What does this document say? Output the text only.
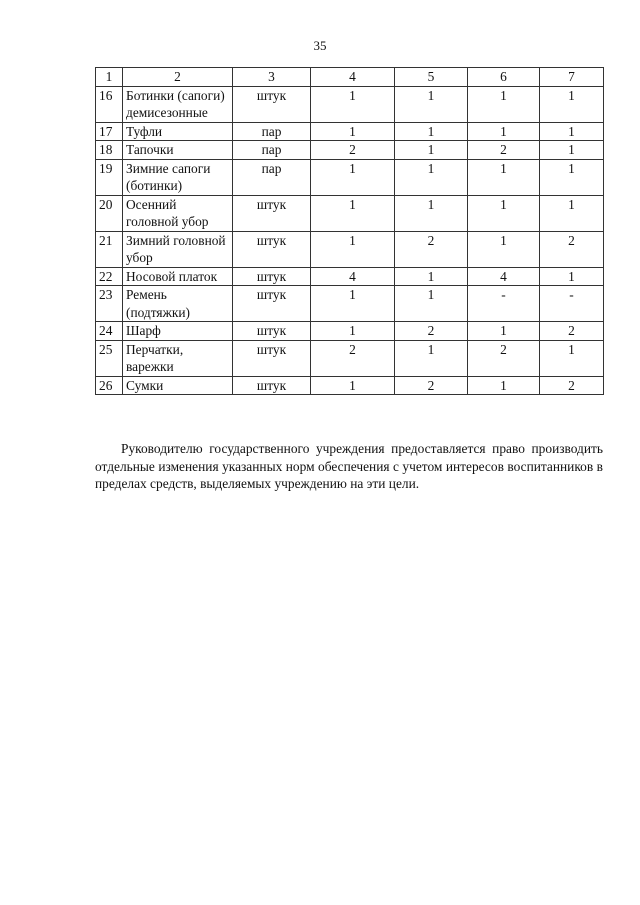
35
1	2	3	4	5	6	7
16	Ботинки (сапоги) демисезонные	штук	1	1	1	1
17	Туфли	пар	1	1	1	1
18	Тапочки	пар	2	1	2	1
19	Зимние сапоги (ботинки)	пар	1	1	1	1
20	Осенний головной убор	штук	1	1	1	1
21	Зимний головной убор	штук	1	2	1	2
22	Носовой платок	штук	4	1	4	1
23	Ремень (подтяжки)	штук	1	1	-	-
24	Шарф	штук	1	2	1	2
25	Перчатки, варежки	штук	2	1	2	1
26	Сумки	штук	1	2	1	2

Руководителю государственного учреждения предоставляется право производить отдельные изменения указанных норм обеспечения с учетом интересов воспитанников в пределах средств, выделяемых учреждению на эти цели.
